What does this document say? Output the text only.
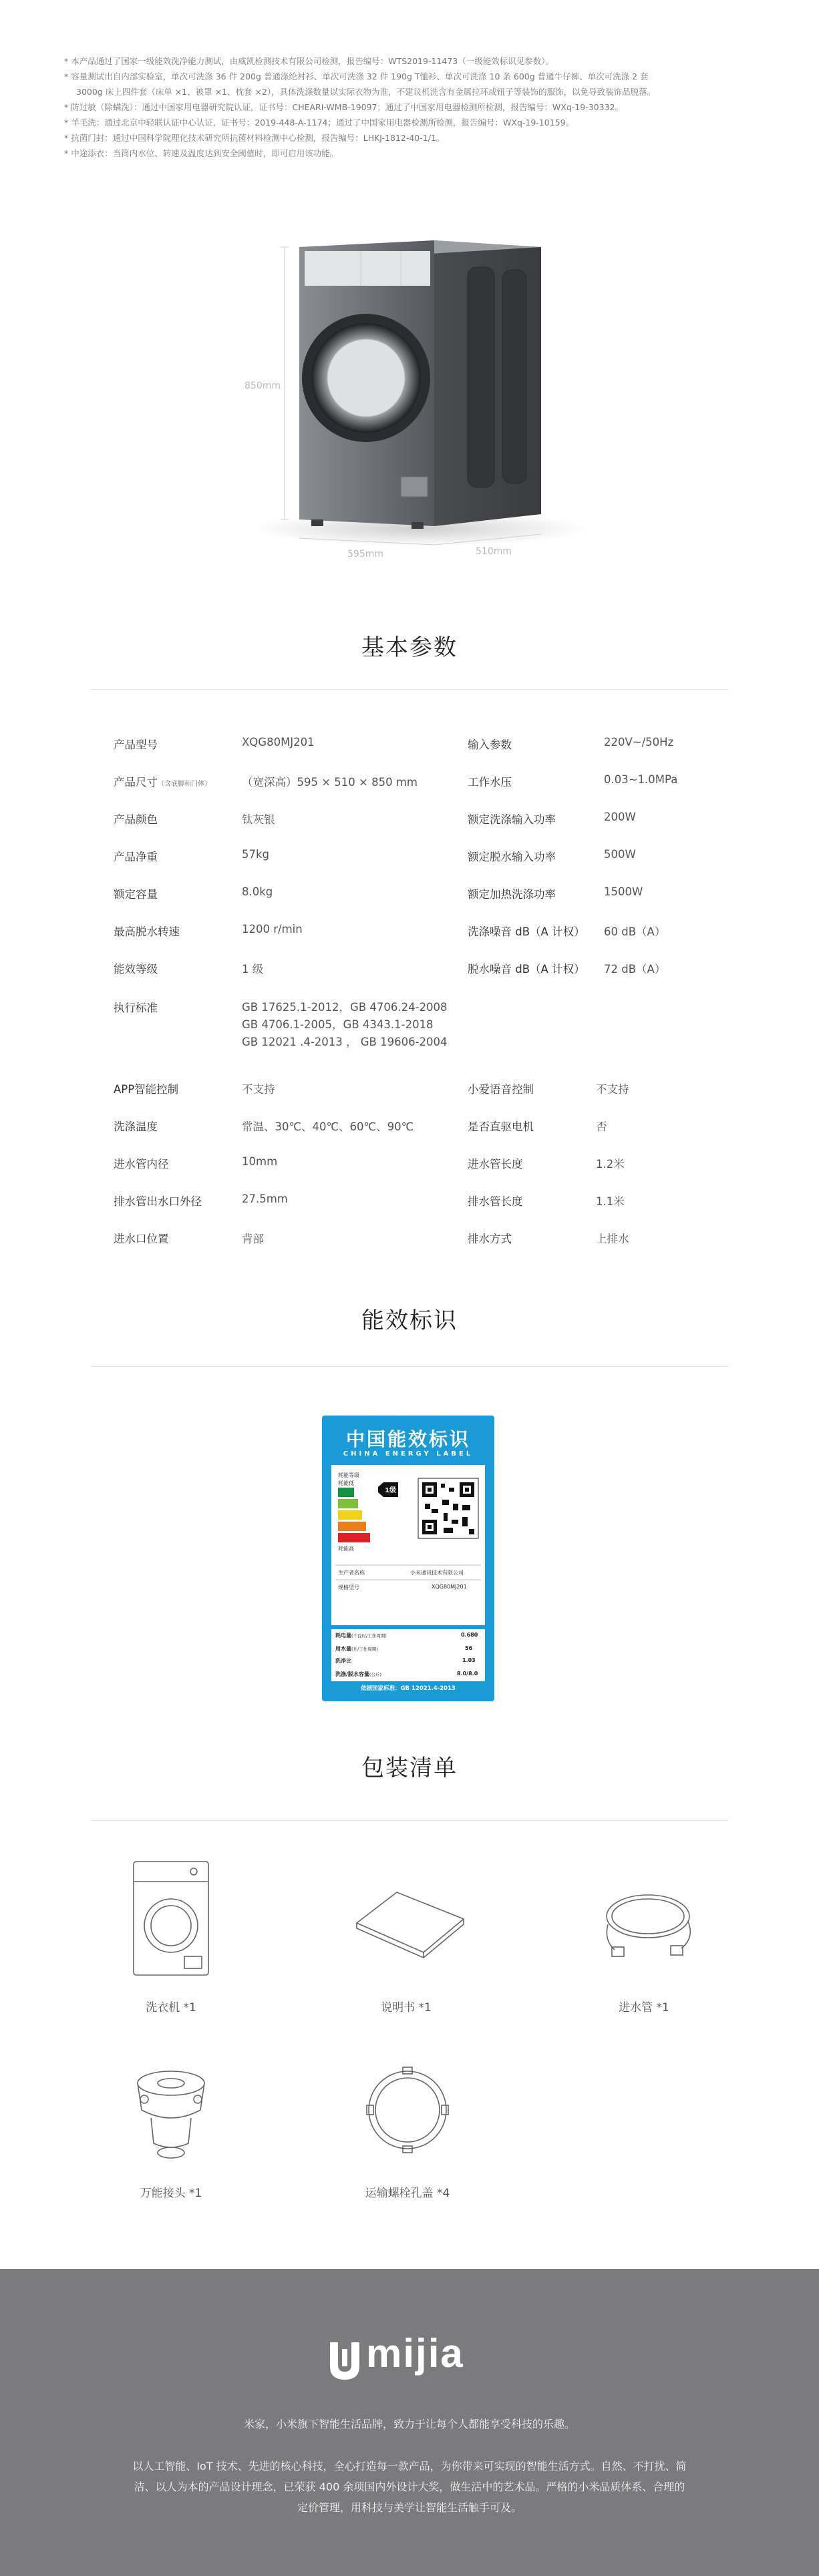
* 本产品通过了国家一级能效洗净能力测试，由威凯检测技术有限公司检测，报告编号：WTS2019-11473（一级能效标识见参数）。

* 容量测试出自内部实验室，单次可洗涤 36 件 200g 普通涤纶衬衫、单次可洗涤 32 件 190g T恤衫、单次可洗涤 10 条 600g 普通牛仔裤、单次可洗涤 2 套

3000g 床上四件套（床单 ×1、被罩 ×1、枕套 ×2），具体洗涤数量以实际衣物为准，不建议机洗含有金属拉环或钮子等装饰的服饰，以免导致装饰品脱落。

* 防过敏（除螨洗）：通过中国家用电器研究院认证，证书号：CHEARI-WMB-19097；通过了中国家用电器检测所检测，报告编号：WXq-19-30332。

* 羊毛洗：通过北京中轻联认证中心认证，证书号：2019-448-A-1174；通过了中国家用电器检测所检测，报告编号：WXq-19-10159。

* 抗菌门封：通过中国科学院理化技术研究所抗菌材料检测中心检测，报告编号：LHKJ-1812-40-1/1。

* 中途添衣：当筒内水位、转速及温度达到安全阈值时，即可启用该功能。

850mm
595mm	510mm
基本参数
产品型号	XQG80MJ201	输入参数	220V~/50Hz
产品尺寸（含底脚和门体）	（宽深高）595 × 510 × 850 mm	工作水压	0.03~1.0MPa
产品颜色	钛灰银	额定洗涤输入功率	200W
产品净重	57kg	额定脱水输入功率	500W
额定容量	8.0kg	额定加热洗涤功率	1500W
最高脱水转速	1200 r/min	洗涤噪音 dB（A 计权） 60 dB（A）
能效等级	1 级	脱水噪音 dB（A 计权） 72 dB（A）
执行标准	GB 17625.1-2012，GB 4706.24-2008
GB 4706.1-2005，GB 4343.1-2018
GB 12021 .4-2013 ， GB 19606-2004
APP智能控制	不支持	小爱语音控制	不支持
洗涤温度	常温、30℃、40℃、60℃、90℃	是否直驱电机	否
进水管内径	10mm	进水管长度	1.2米
排水管出水口外径	27.5mm	排水管长度	1.1米
进水口位置	背部	排水方式	上排水
能效标识
中国能效标识
CHINA ENERGY LABEL
耗能等级
耗能低
1级
耗能高
生产者名称	小米通讯技术有限公司
规格型号	XQG80MJ201
耗电量(千瓦时/工作周期)	0.680
用水量(升/工作周期)	56
洗净比	1.03
洗涤/脱水容量(公斤)	8.0/8.0
依据国家标准：GB 12021.4-2013
包装清单
洗衣机 *1	说明书 *1	进水管 *1
万能接头 *1	运输螺栓孔盖 *4
mijia
米家，小米旗下智能生活品牌，致力于让每个人都能享受科技的乐趣。
以人工智能、IoT 技术、先进的核心科技，全心打造每一款产品，为你带来可实现的智能生活方式。自然、不打扰、简洁、以人为本的产品设计理念，已荣获 400 余项国内外设计大奖，做生活中的艺术品。严格的小米品质体系、合理的定价管理，用科技与美学让智能生活触手可及。
